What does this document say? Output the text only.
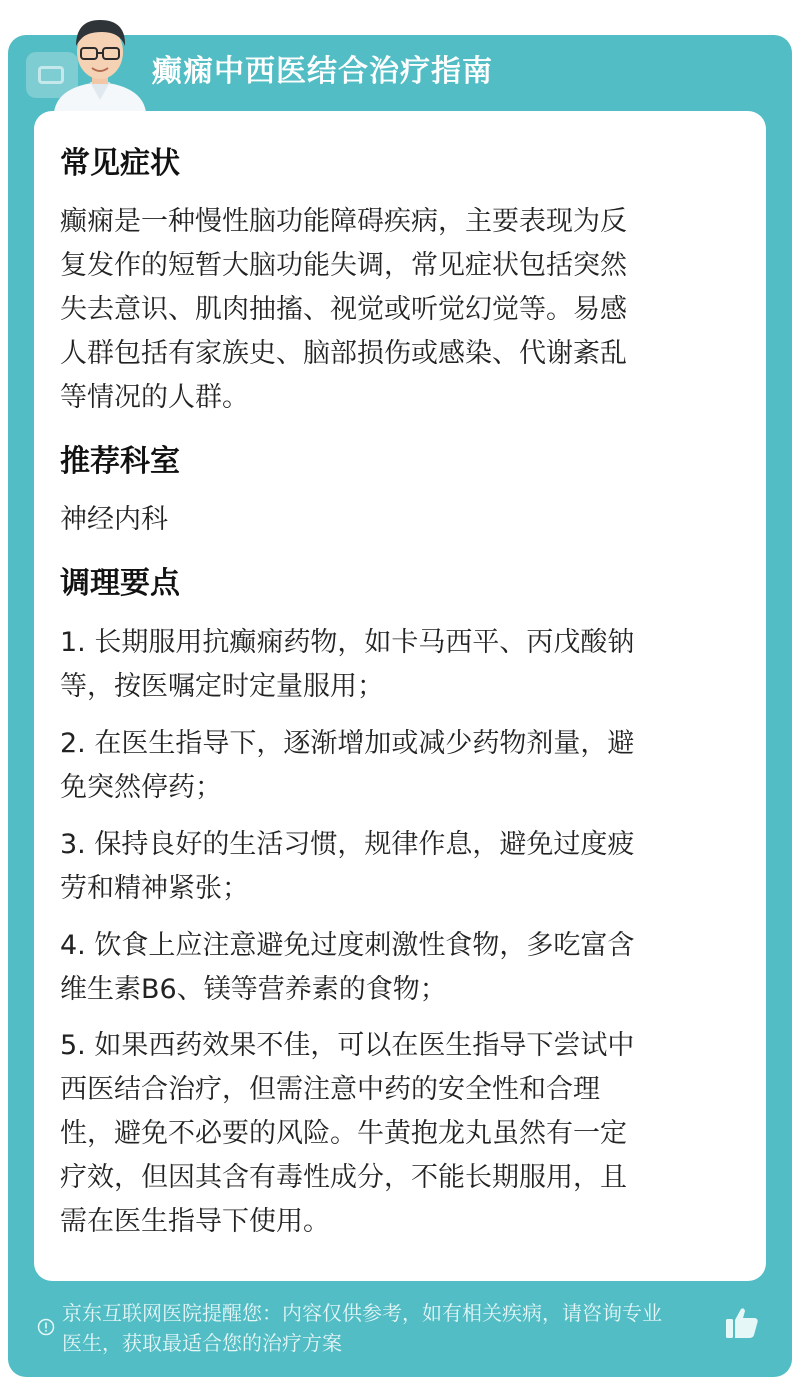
癫痫中西医结合治疗指南
常见症状
癫痫是一种慢性脑功能障碍疾病，主要表现为反
复发作的短暂大脑功能失调，常见症状包括突然
失去意识、肌肉抽搐、视觉或听觉幻觉等。易感
人群包括有家族史、脑部损伤或感染、代谢紊乱
等情况的人群。
推荐科室
神经内科
调理要点
1. 长期服用抗癫痫药物，如卡马西平、丙戊酸钠
等，按医嘱定时定量服用；
2. 在医生指导下，逐渐增加或减少药物剂量，避
免突然停药；
3. 保持良好的生活习惯，规律作息，避免过度疲
劳和精神紧张；
4. 饮食上应注意避免过度刺激性食物，多吃富含
维生素B6、镁等营养素的食物；
5. 如果西药效果不佳，可以在医生指导下尝试中
西医结合治疗，但需注意中药的安全性和合理
性，避免不必要的风险。牛黄抱龙丸虽然有一定
疗效，但因其含有毒性成分，不能长期服用，且
需在医生指导下使用。
京东互联网医院提醒您：内容仅供参考，如有相关疾病，请咨询专业
医生，获取最适合您的治疗方案
